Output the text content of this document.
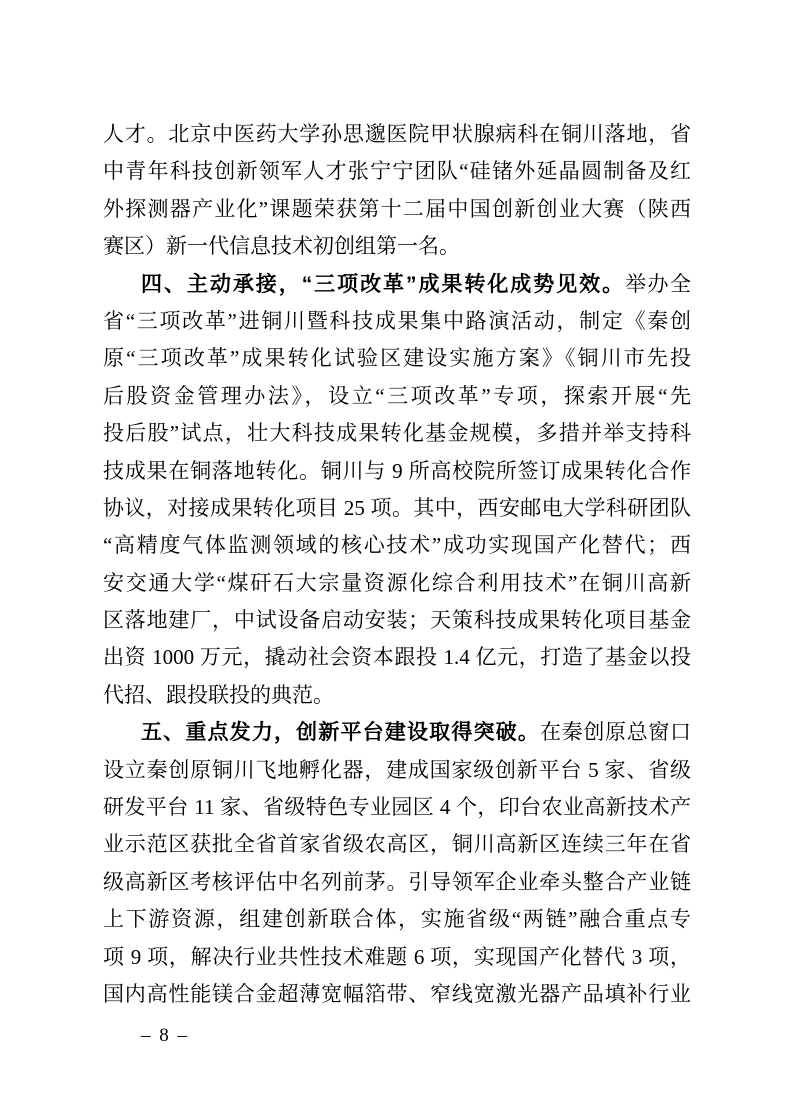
人才。北京中医药大学孙思邈医院甲状腺病科在铜川落地，省
中青年科技创新领军人才张宁宁团队“硅锗外延晶圆制备及红
外探测器产业化”课题荣获第十二届中国创新创业大赛（陕西
赛区）新一代信息技术初创组第一名。
四、主动承接，“三项改革”成果转化成势见效。举办全
省“三项改革”进铜川暨科技成果集中路演活动，制定《秦创
原“三项改革”成果转化试验区建设实施方案》《铜川市先投
后股资金管理办法》，设立“三项改革”专项，探索开展“先
投后股”试点，壮大科技成果转化基金规模，多措并举支持科
技成果在铜落地转化。铜川与 9 所高校院所签订成果转化合作
协议，对接成果转化项目 25 项。其中，西安邮电大学科研团队
“高精度气体监测领域的核心技术”成功实现国产化替代；西
安交通大学“煤矸石大宗量资源化综合利用技术”在铜川高新
区落地建厂，中试设备启动安装；天策科技成果转化项目基金
出资 1000 万元，撬动社会资本跟投 1.4 亿元，打造了基金以投
代招、跟投联投的典范。
五、重点发力，创新平台建设取得突破。在秦创原总窗口
设立秦创原铜川飞地孵化器，建成国家级创新平台 5 家、省级
研发平台 11 家、省级特色专业园区 4 个，印台农业高新技术产
业示范区获批全省首家省级农高区，铜川高新区连续三年在省
级高新区考核评估中名列前茅。引导领军企业牵头整合产业链
上下游资源，组建创新联合体，实施省级“两链”融合重点专
项 9 项，解决行业共性技术难题 6 项，实现国产化替代 3 项，
国内高性能镁合金超薄宽幅箔带、窄线宽激光器产品填补行业
– 8 –
